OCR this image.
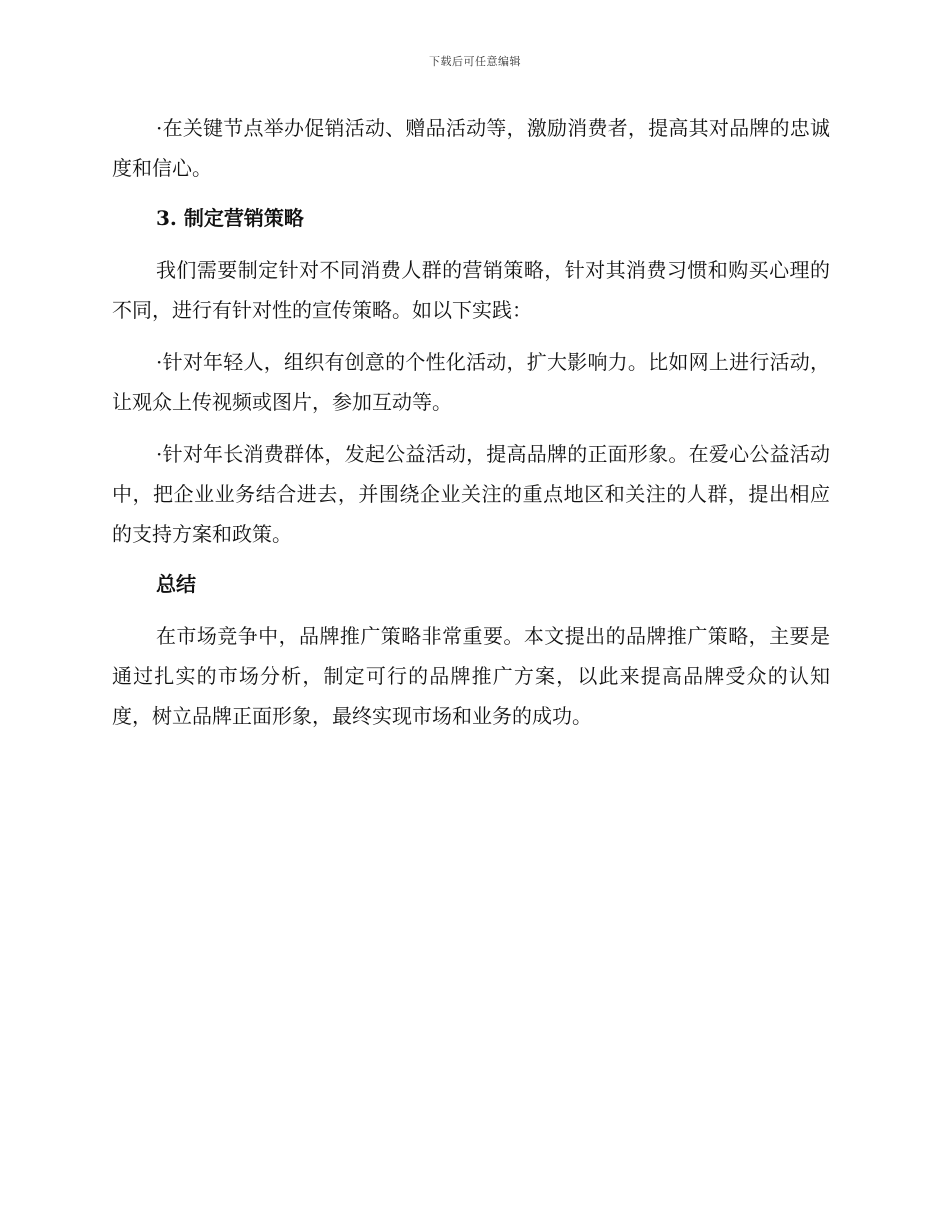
下载后可任意编辑

·在关键节点举办促销活动、赠品活动等，激励消费者，提高其对品牌的忠诚度和信心。

3. 制定营销策略

我们需要制定针对不同消费人群的营销策略，针对其消费习惯和购买心理的不同，进行有针对性的宣传策略。如以下实践：

·针对年轻人，组织有创意的个性化活动，扩大影响力。比如网上进行活动，让观众上传视频或图片，参加互动等。

·针对年长消费群体，发起公益活动，提高品牌的正面形象。在爱心公益活动中，把企业业务结合进去，并围绕企业关注的重点地区和关注的人群，提出相应的支持方案和政策。

总结

在市场竞争中，品牌推广策略非常重要。本文提出的品牌推广策略，主要是通过扎实的市场分析，制定可行的品牌推广方案，以此来提高品牌受众的认知度，树立品牌正面形象，最终实现市场和业务的成功。
